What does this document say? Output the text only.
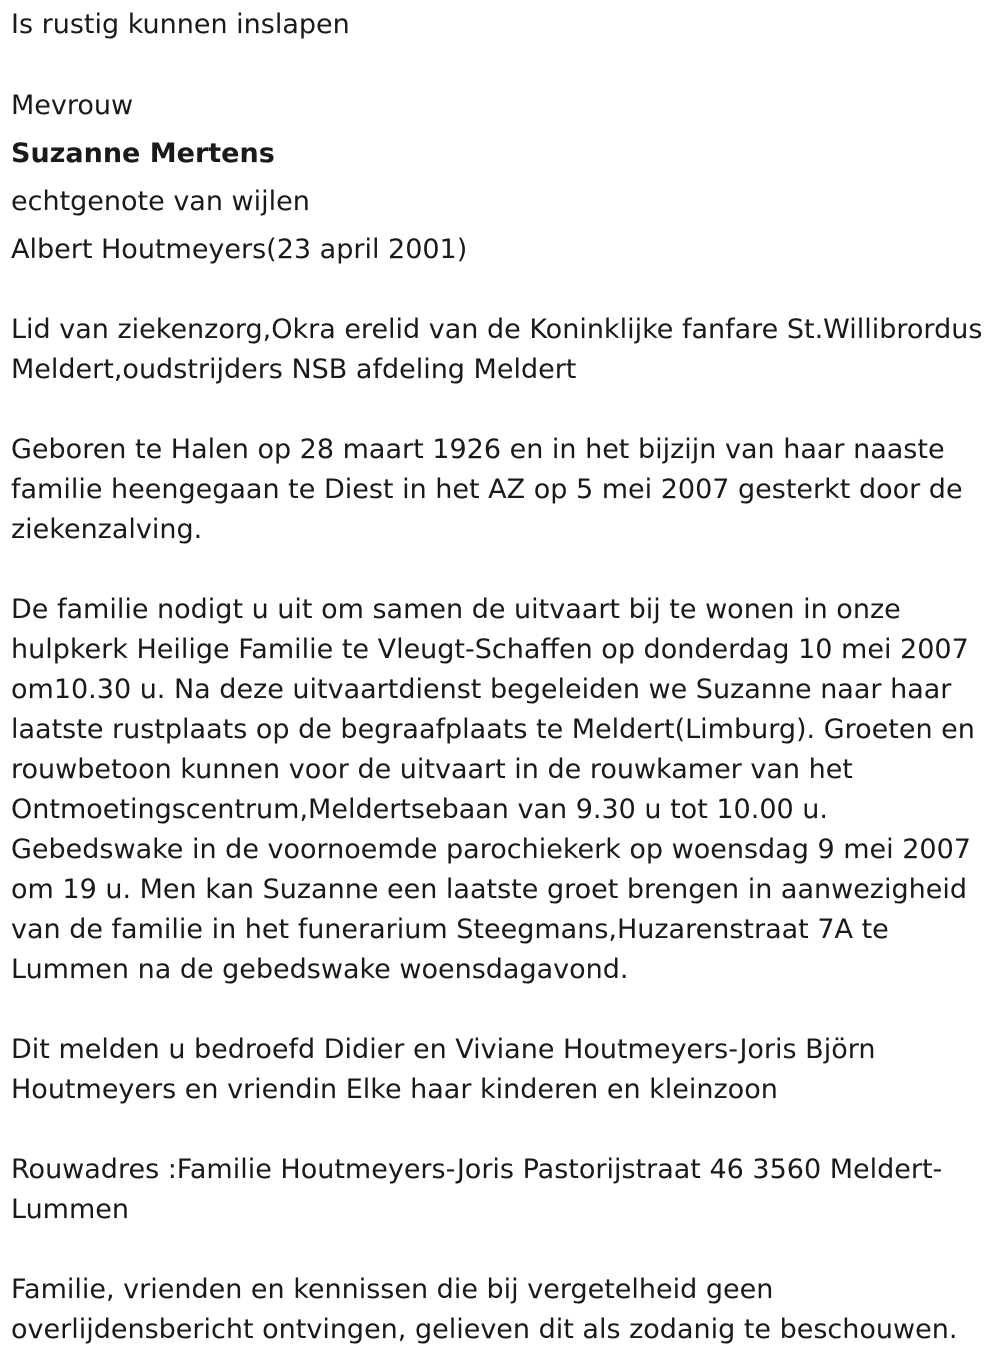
Is rustig kunnen inslapen
Mevrouw
Suzanne Mertens
echtgenote van wijlen
Albert Houtmeyers(23 april 2001)
Lid van ziekenzorg,Okra erelid van de Koninklijke fanfare St.Willibrordus
Meldert,oudstrijders NSB afdeling Meldert
Geboren te Halen op 28 maart 1926 en in het bijzijn van haar naaste
familie heengegaan te Diest in het AZ op 5 mei 2007 gesterkt door de
ziekenzalving.
De familie nodigt u uit om samen de uitvaart bij te wonen in onze
hulpkerk Heilige Familie te Vleugt-Schaffen op donderdag 10 mei 2007
om10.30 u. Na deze uitvaartdienst begeleiden we Suzanne naar haar
laatste rustplaats op de begraafplaats te Meldert(Limburg). Groeten en
rouwbetoon kunnen voor de uitvaart in de rouwkamer van het
Ontmoetingscentrum,Meldertsebaan van 9.30 u tot 10.00 u.
Gebedswake in de voornoemde parochiekerk op woensdag 9 mei 2007
om 19 u. Men kan Suzanne een laatste groet brengen in aanwezigheid
van de familie in het funerarium Steegmans,Huzarenstraat 7A te
Lummen na de gebedswake woensdagavond.
Dit melden u bedroefd Didier en Viviane Houtmeyers-Joris Björn
Houtmeyers en vriendin Elke haar kinderen en kleinzoon
Rouwadres :Familie Houtmeyers-Joris Pastorijstraat 46 3560 Meldert-
Lummen
Familie, vrienden en kennissen die bij vergetelheid geen
overlijdensbericht ontvingen, gelieven dit als zodanig te beschouwen.
